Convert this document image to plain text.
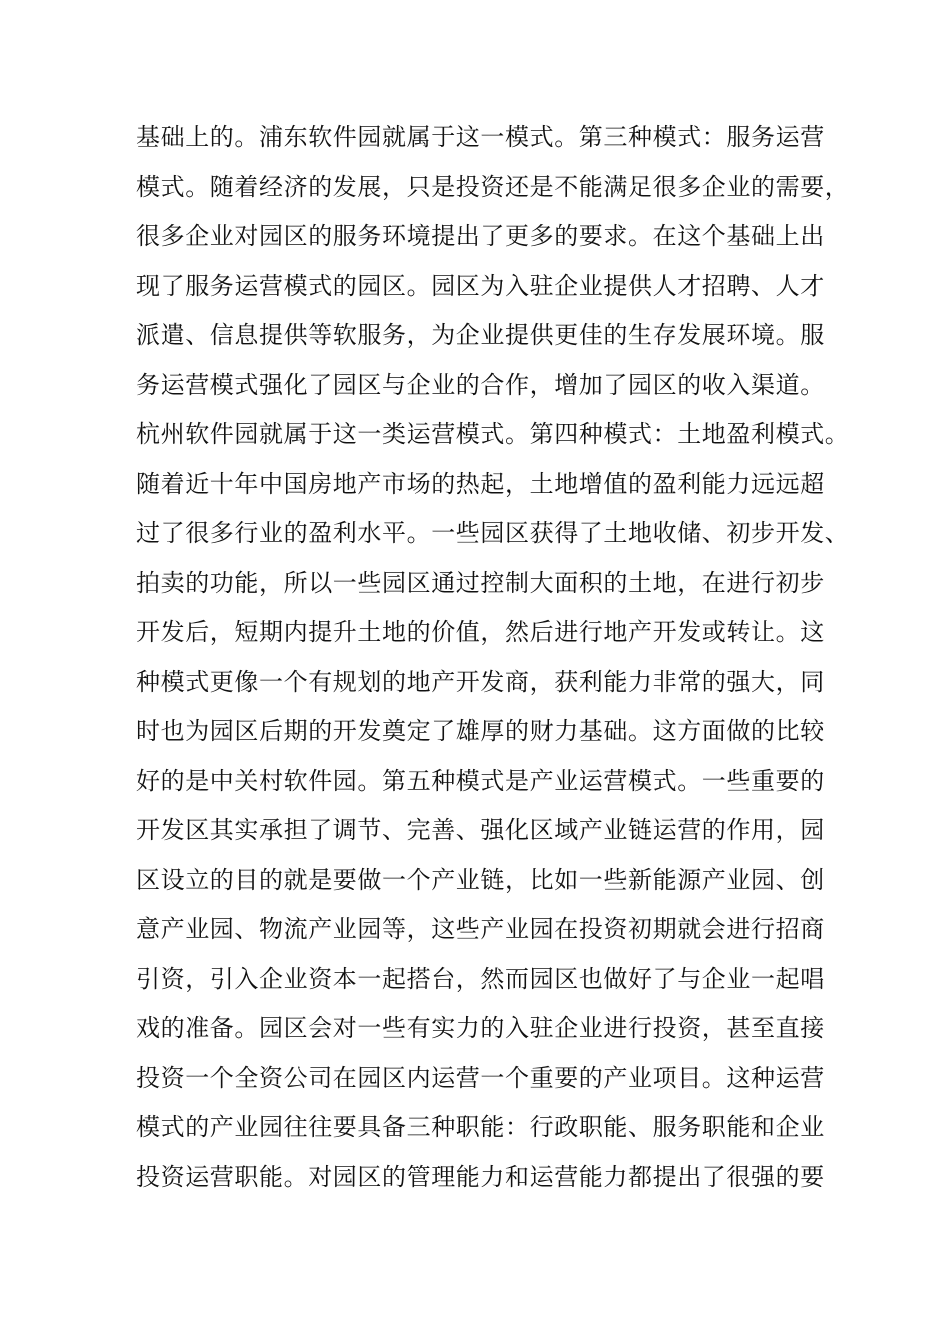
基础上的。浦东软件园就属于这一模式。第三种模式：服务运营
模式。随着经济的发展，只是投资还是不能满足很多企业的需要，
很多企业对园区的服务环境提出了更多的要求。在这个基础上出
现了服务运营模式的园区。园区为入驻企业提供人才招聘、人才
派遣、信息提供等软服务，为企业提供更佳的生存发展环境。服
务运营模式强化了园区与企业的合作，增加了园区的收入渠道。
杭州软件园就属于这一类运营模式。第四种模式：土地盈利模式。
随着近十年中国房地产市场的热起，土地增值的盈利能力远远超
过了很多行业的盈利水平。一些园区获得了土地收储、初步开发、
拍卖的功能，所以一些园区通过控制大面积的土地，在进行初步
开发后，短期内提升土地的价值，然后进行地产开发或转让。这
种模式更像一个有规划的地产开发商，获利能力非常的强大，同
时也为园区后期的开发奠定了雄厚的财力基础。这方面做的比较
好的是中关村软件园。第五种模式是产业运营模式。一些重要的
开发区其实承担了调节、完善、强化区域产业链运营的作用，园
区设立的目的就是要做一个产业链，比如一些新能源产业园、创
意产业园、物流产业园等，这些产业园在投资初期就会进行招商
引资，引入企业资本一起搭台，然而园区也做好了与企业一起唱
戏的准备。园区会对一些有实力的入驻企业进行投资，甚至直接
投资一个全资公司在园区内运营一个重要的产业项目。这种运营
模式的产业园往往要具备三种职能：行政职能、服务职能和企业
投资运营职能。对园区的管理能力和运营能力都提出了很强的要
